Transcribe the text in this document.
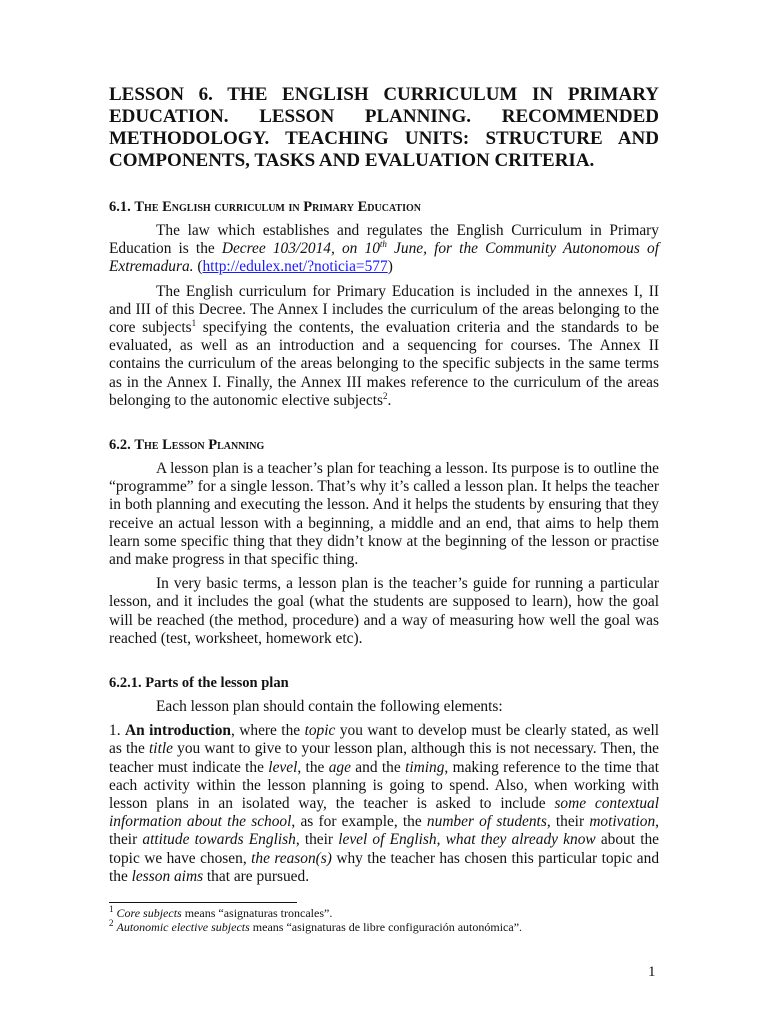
LESSON 6. THE ENGLISH CURRICULUM IN PRIMARY EDUCATION. LESSON PLANNING. RECOMMENDED METHODOLOGY. TEACHING UNITS: STRUCTURE AND COMPONENTS, TASKS AND EVALUATION CRITERIA.
6.1. The English curriculum in Primary Education

The law which establishes and regulates the English Curriculum in Primary Education is the Decree 103/2014, on 10th June, for the Community Autonomous of Extremadura. (http://edulex.net/?noticia=577)

The English curriculum for Primary Education is included in the annexes I, II and III of this Decree. The Annex I includes the curriculum of the areas belonging to the core subjects$^1$ specifying the contents, the evaluation criteria and the standards to be evaluated, as well as an introduction and a sequencing for courses. The Annex II contains the curriculum of the areas belonging to the specific subjects in the same terms as in the Annex I. Finally, the Annex III makes reference to the curriculum of the areas belonging to the autonomic elective subjects$^2$.

6.2. The Lesson Planning

A lesson plan is a teacher’s plan for teaching a lesson. Its purpose is to outline the “programme” for a single lesson. That’s why it’s called a lesson plan. It helps the teacher in both planning and executing the lesson. And it helps the students by ensuring that they receive an actual lesson with a beginning, a middle and an end, that aims to help them learn some specific thing that they didn’t know at the beginning of the lesson or practise and make progress in that specific thing.

In very basic terms, a lesson plan is the teacher’s guide for running a particular lesson, and it includes the goal (what the students are supposed to learn), how the goal will be reached (the method, procedure) and a way of measuring how well the goal was reached (test, worksheet, homework etc).

6.2.1. Parts of the lesson plan

Each lesson plan should contain the following elements:

1. An introduction, where the topic you want to develop must be clearly stated, as well as the title you want to give to your lesson plan, although this is not necessary. Then, the teacher must indicate the level, the age and the timing, making reference to the time that each activity within the lesson planning is going to spend. Also, when working with lesson plans in an isolated way, the teacher is asked to include some contextual information about the school, as for example, the number of students, their motivation, their attitude towards English, their level of English, what they already know about the topic we have chosen, the reason(s) why the teacher has chosen this particular topic and the lesson aims that are pursued.

$^1$ Core subjects means “asignaturas troncales”.
$^2$ Autonomic elective subjects means “asignaturas de libre configuración autonómica”.
1
